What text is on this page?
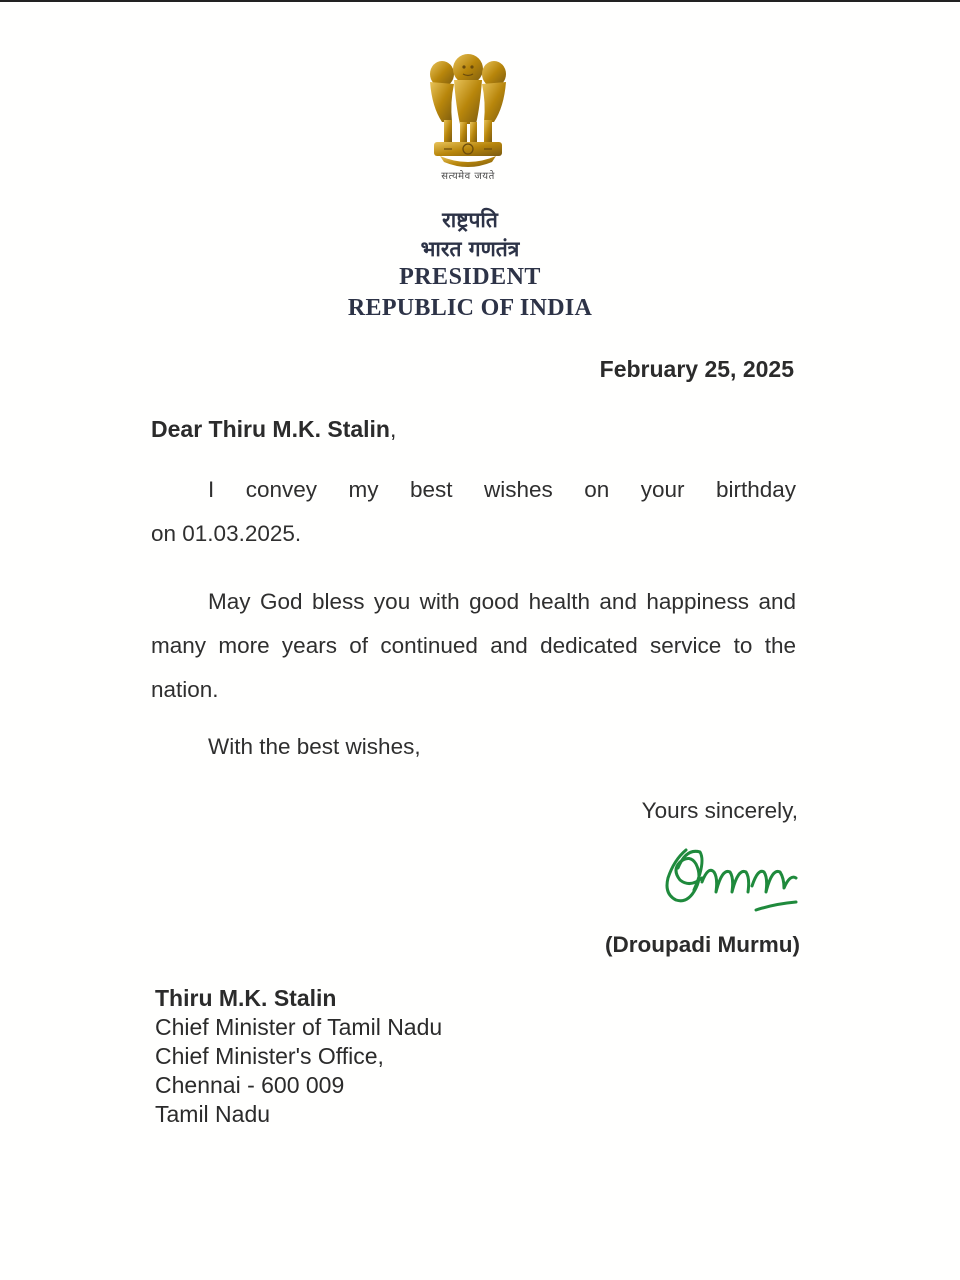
सत्यमेव जयते
राष्ट्रपति
भारत गणतंत्र
PRESIDENT
REPUBLIC OF INDIA
February 25, 2025
Dear Thiru M.K. Stalin,
I convey my best wishes on your birthday
on 01.03.2025.
May God bless you with good health and happiness and many more years of continued and dedicated service to the nation.
With the best wishes,
Yours sincerely,
(Droupadi Murmu)
Thiru M.K. Stalin
Chief Minister of Tamil Nadu
Chief Minister's Office,
Chennai - 600 009
Tamil Nadu
